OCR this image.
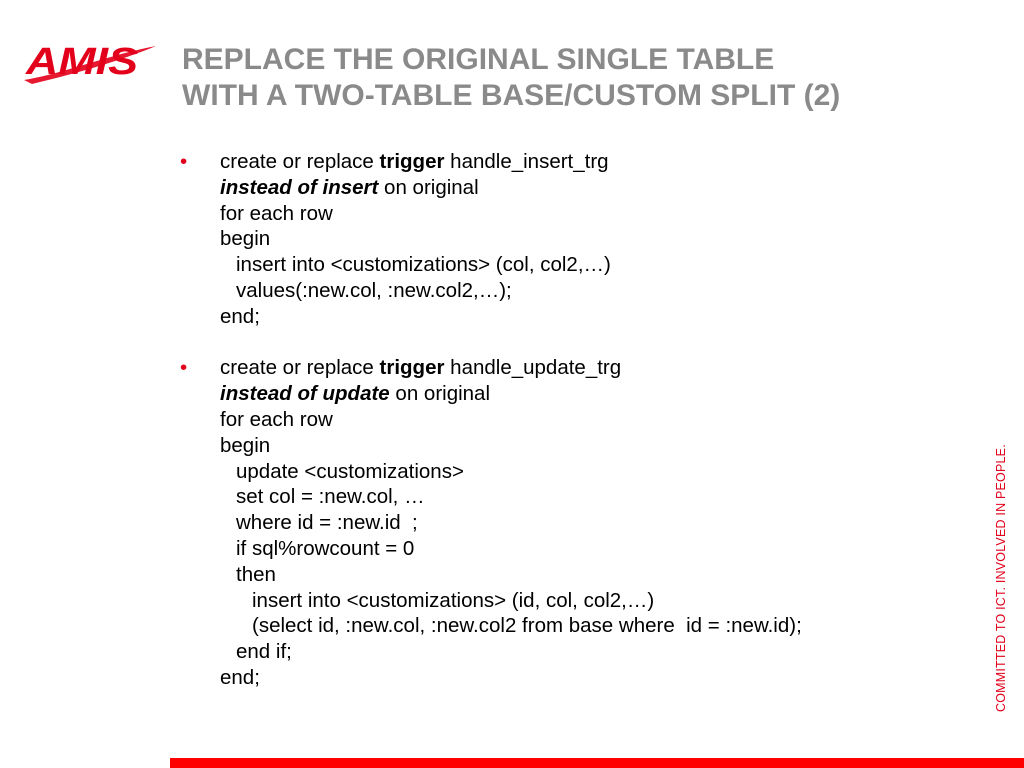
AMIS REPLACE THE ORIGINAL SINGLE TABLE
WITH A TWO-TABLE BASE/CUSTOM SPLIT (2)
• create or replace trigger handle_insert_trg
instead of insert on original
for each row
begin
insert into <customizations> (col, col2,…)
values(:new.col, :new.col2,…);
end;
• create or replace trigger handle_update_trg
instead of update on original
for each row
begin
update <customizations>
set col = :new.col, …
where id = :new.id  ;
if sql%rowcount = 0
then
insert into <customizations> (id, col, col2,…)
(select id, :new.col, :new.col2 from base where  id = :new.id);
end if;
end;	COMMITTED TO ICT. INVOLVED IN PEOPLE.
